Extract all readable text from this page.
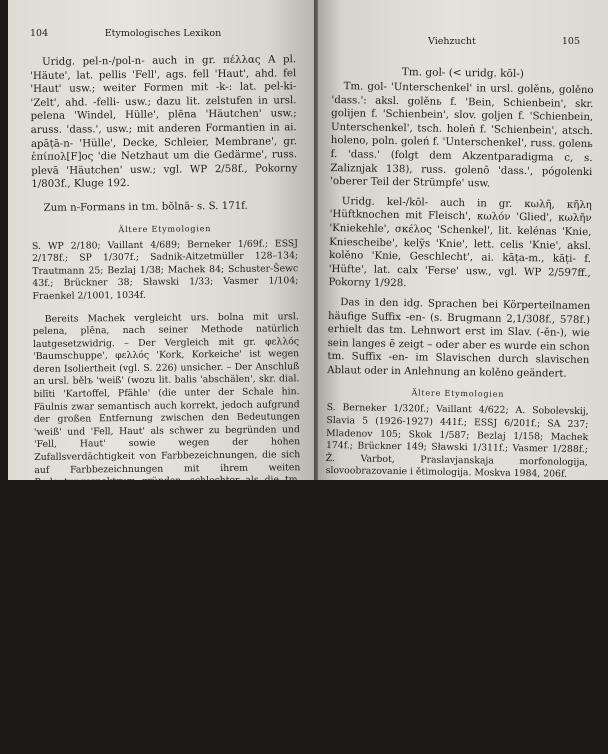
104	Etymologisches Lexikon

Uridg. pel-n-/pol-n- auch in gr. πέλλας A pl. 'Häute', lat. pellis 'Fell', ags. fell 'Haut', ahd. fel 'Haut' usw.; weiter Formen mit -k-: lat. pel-ki- 'Zelt', ahd. -felli- usw.; dazu lit. zelstufen in ursl. pelena 'Windel, Hülle', plēna 'Häutchen' usw.; aruss. 'dass.', usw.; mit anderen Formantien in ai. apāṭā-n- 'Hülle', Decke, Schleier, Membrane', gr. ἐπίπολ[F]ος 'die Netzhaut um die Gedärme', russ. plevā 'Häutchen' usw.; vgl. WP 2/58f., Pokorny 1/803f., Kluge 192.

Zum n-Formans in tm. bōlnā- s. S. 171f.

Ältere Etymologien

S. WP 2/180; Vaillant 4/689; Berneker 1/69f.; ESSJ 2/178f.; SP 1/307f.; Sadnik-Aitzetmüller 128–134; Trautmann 25; Bezlaj 1/38; Machek 84; Schuster-Šewc 43f.; Brückner 38; Sławski 1/33; Vasmer 1/104; Fraenkel 2/1001, 1034f.

Bereits Machek vergleicht urs. bolna mit ursl. pelena, plēna, nach seiner Methode natürlich lautgesetzwidrig. – Der Vergleich mit gr. φελλός 'Baumschuppe', φελλός 'Kork, Korkeiche' ist wegen deren Isoliertheit (vgl. S. 226) unsicher. – Der Anschluß an ursl. bělъ 'weiß' (wozu lit. balis 'abschälen', skr. dial. bilīti 'Kartoffel, Pfähle' (die unter der Schale hin. Fäulnis zwar semantisch auch korrekt, jedoch aufgrund der großen Entfernung zwischen den Bedeutungen 'weiß' und 'Fell, Haut' als schwer zu begründen und 'Fell, Haut' sowie wegen der hohen Zufallsverdächtigkeit von Farbbezeichnungen, die sich auf Farbbezeichnungen mit ihrem weiten Bedeutungsspektrum gründen, schlechter als die tm. Etymologie (vgl. 'Fell, Haut' entfällt als deutlich weniger Begriffe gibt, für die die Bezeichnung 'Fell, Haut' zur Verfügung steht, als es das 'etwas Weißes' entstanden denken kann, ist die Annahme wahrscheinlich, daß die Gleichung mit lat. pellis usw. ein zufälliges Zusammentreffen ist. Aus diesem Grunde sind auch die obengenannten slav. Wörter mit der Bedeutung 'schwarz'. – Eine Erklärung von ursl. bolna 'Fell' als die ursprüngliche Bedeutung von bolna zu trennen, für das eine bessere Etymologie möglich ist, ist lautlich einwandfrei zu erklären. Sollte die semantische Annahme zutreffen, müßte man sie daher als ungefähre Homonyme wie apoln. (16. Jh.) blona 'Art Tierfett, Fett an der Haut', der Hornhaut', poln. dial. błona 'Art Tierfett, Fett an den Schweinerippen' usw. (mit den Rippen' sind natürlich ebenfalls vom tm. Lehnwort zu trennen; sie sind ursl. bělъ 'weiß' zu stellen. – Auch die Verbindung mit ursl. bolna 'Blase' und lit. bolu 'weißliche Hinterart unter der Rinde', russ. bolona 'Knorren an Bäumen' (vgl. S. 224) ist abzulehnen.

Viehzucht	105

Tm. gol- (< uridg. kōl-)

Tm. gol- 'Unterschenkel' in ursl. golěnь, golěno 'dass.': aksl. golěnь f. 'Bein, Schienbein', skr. golijen f. 'Schienbein', slov. goljen f. 'Schienbein, Unterschenkel', tsch. holeň f. 'Schienbein', atsch. holeno, poln. goleń f. 'Unterschenkel', russ. golenь f. 'dass.' (folgt dem Akzentparadigma c, s. Zaliznjak 138), russ. golenō 'dass.', pógolenki 'oberer Teil der Strümpfe' usw.

Uridg. kel-/kōl- auch in gr. κωλῆ, κῆλη 'Hüftknochen mit Fleisch', κωλόν 'Glied', κωλῆν 'Kniekehle', σκέλος 'Schenkel', lit. kelénas 'Knie, Kniescheibe', kelỹs 'Knie', lett. celis 'Knie', aksl. kolěno 'Knie, Geschlecht', ai. kāṭa-m., kāṭi- f. 'Hüfte', lat. calx 'Ferse' usw., vgl. WP 2/597ff., Pokorny 1/928.

Das in den idg. Sprachen bei Körperteilnamen häufige Suffix -en- (s. Brugmann 2,1/308f., 578f.) erhielt das tm. Lehnwort erst im Slav. (-ěn-), wie sein langes ē zeigt – oder aber es wurde ein schon tm. Suffix -en- im Slavischen durch slavischen Ablaut oder in Anlehnung an kolěno geändert.

Ältere Etymologien

S. Berneker 1/320f.; Vaillant 4/622; A. Sobolevskij, Slavia 5 (1926-1927) 441f.; ESSJ 6/201f.; SA 237; Mladenov 105; Skok 1/587; Bezlaj 1/158; Machek 174f.; Brückner 149; Sławski 1/311f.; Vasmer 1/288f.; Ž. Varbot, Praslavjanskaja morfonologija, slovoobrazovanie i ětimologija. Moskva 1984, 206f.

Diese alte, aber früher lautgesetzwidrige Zurückführung von gol- auf uridg. kōl- ist semantisch besser als die Ableitung von ursl. golъ 'nackt' ('Schienbein' als 'nackter Knochen' im Gegensatz zur Wade). – Die Ableitung von uridg. gʰel- (gr. γυάλον 'Wölbung, Wölbung') ist wegen der kürzeren Wurzel (s. S. 22ff.) und semantisch schlechter und trotz H. Hirt, IF 17 (1904/1905) 388ff. nicht streng lautgesetzlich. – Nach den Kriterien der Bedeutungsnähe und des Bedeutungsumfanges (s. S. 35ff.) schlechter ist der Anschluß an uridg. gel- 'rund, kugelförmig, drücken, schwellen' (Varbot).

Tm. bedro-/bedrā- (< uridg. pedro-/pedrā-)

S. aksl. bedro n. 'Oberschenkel' in ursl. bedro n., bedra f. 'dass.': aksl. bedra 'Schenkel', skr. bedro n., slov. bedro n., bedra f. 'Schenkel'
